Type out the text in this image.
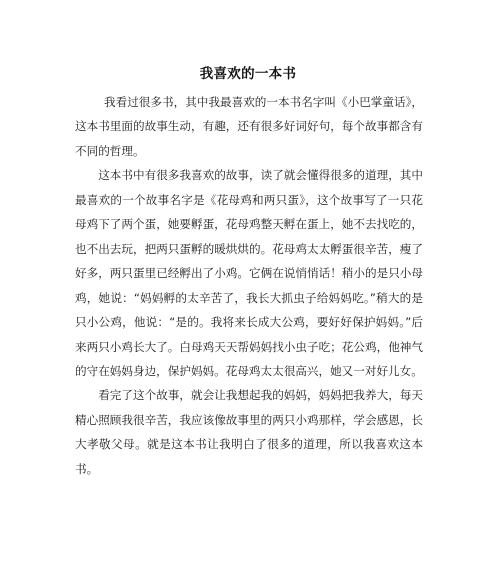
我喜欢的一本书

我看过很多书，其中我最喜欢的一本书名字叫《小巴掌童话》，这本书里面的故事生动，有趣，还有很多好词好句，每个故事都含有不同的哲理。

这本书中有很多我喜欢的故事，读了就会懂得很多的道理，其中最喜欢的一个故事名字是《花母鸡和两只蛋》，这个故事写了一只花母鸡下了两个蛋，她要孵蛋，花母鸡整天孵在蛋上，她不去找吃的，也不出去玩，把两只蛋孵的暖烘烘的。花母鸡太太孵蛋很辛苦，瘦了好多，两只蛋里已经孵出了小鸡。它俩在说悄悄话！稍小的是只小母鸡，她说：“妈妈孵的太辛苦了，我长大抓虫子给妈妈吃。”稍大的是只小公鸡，他说：“是的。我将来长成大公鸡，要好好保护妈妈。”后来两只小鸡长大了。白母鸡天天帮妈妈找小虫子吃；花公鸡，他神气的守在妈妈身边，保护妈妈。花母鸡太太很高兴，她又一对好儿女。

看完了这个故事，就会让我想起我的妈妈，妈妈把我养大，每天精心照顾我很辛苦，我应该像故事里的两只小鸡那样，学会感恩，长大孝敬父母。就是这本书让我明白了很多的道理，所以我喜欢这本书。
